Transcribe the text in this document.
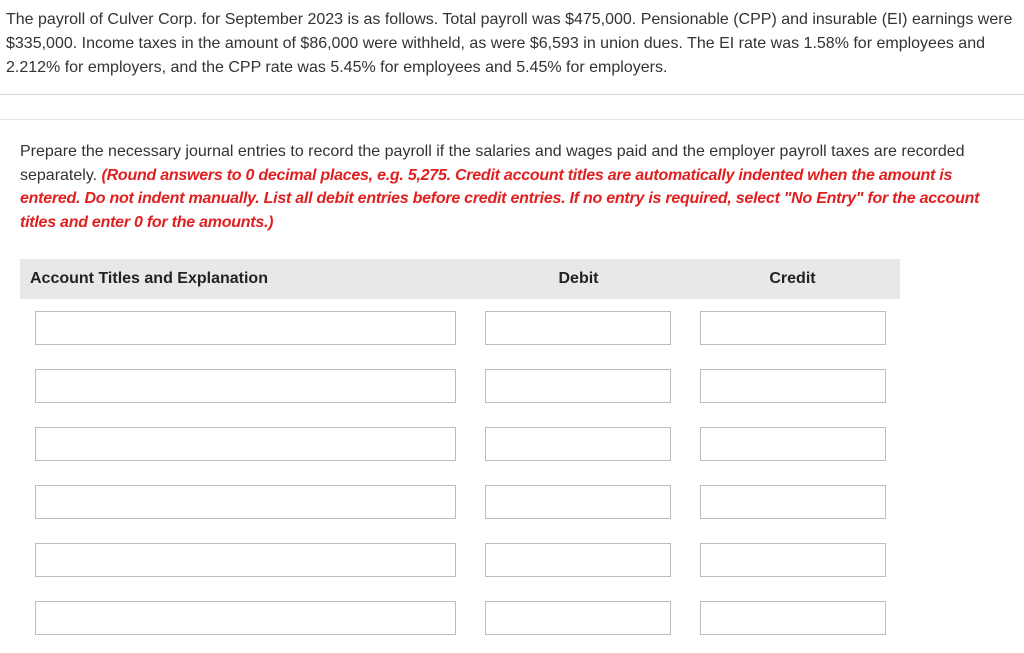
The payroll of Culver Corp. for September 2023 is as follows. Total payroll was $475,000. Pensionable (CPP) and insurable (EI) earnings were $335,000. Income taxes in the amount of $86,000 were withheld, as were $6,593 in union dues. The EI rate was 1.58% for employees and 2.212% for employers, and the CPP rate was 5.45% for employees and 5.45% for employers.

Prepare the necessary journal entries to record the payroll if the salaries and wages paid and the employer payroll taxes are recorded separately. (Round answers to 0 decimal places, e.g. 5,275. Credit account titles are automatically indented when the amount is entered. Do not indent manually. List all debit entries before credit entries. If no entry is required, select "No Entry" for the account titles and enter 0 for the amounts.)

Account Titles and Explanation	Debit	Credit
